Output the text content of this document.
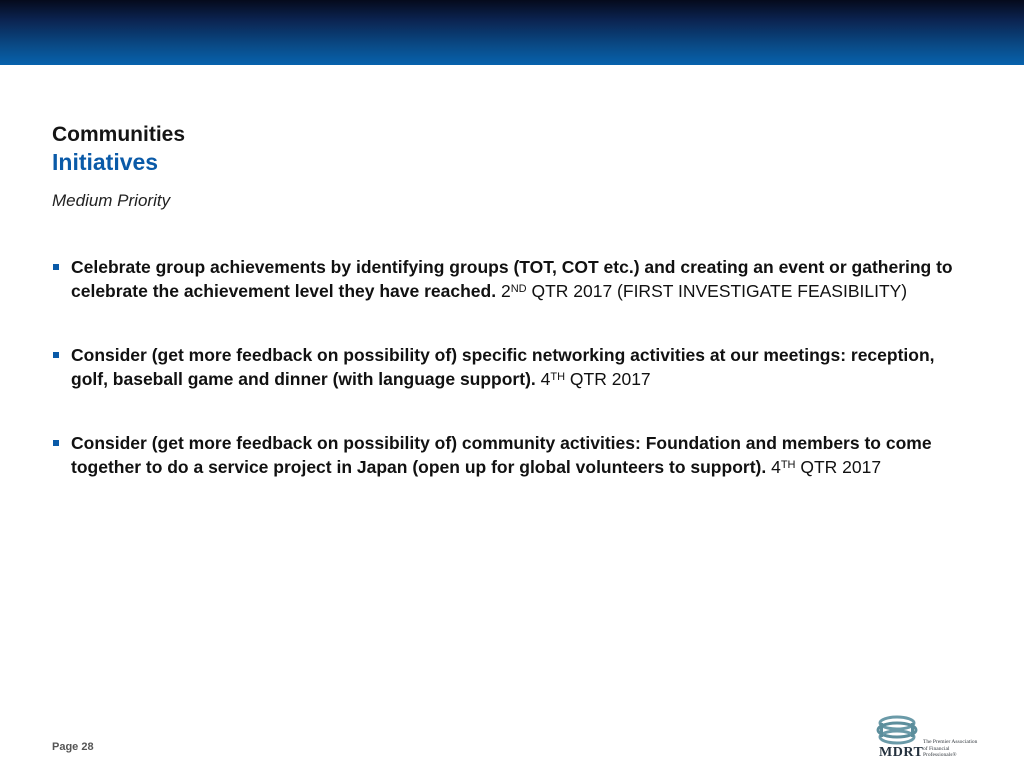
Communities
Initiatives
Medium Priority
Celebrate group achievements by identifying groups (TOT, COT etc.) and creating an event or gathering to celebrate the achievement level they have reached. 2ND QTR 2017 (FIRST INVESTIGATE FEASIBILITY)
Consider (get more feedback on possibility of) specific networking activities at our meetings: reception, golf, baseball game and dinner (with language support). 4TH QTR 2017
Consider (get more feedback on possibility of) community activities: Foundation and members to come together to do a service project in Japan (open up for global volunteers to support). 4TH QTR 2017
Page 28	MDRT
The Premier Association of Financial Professionals®
